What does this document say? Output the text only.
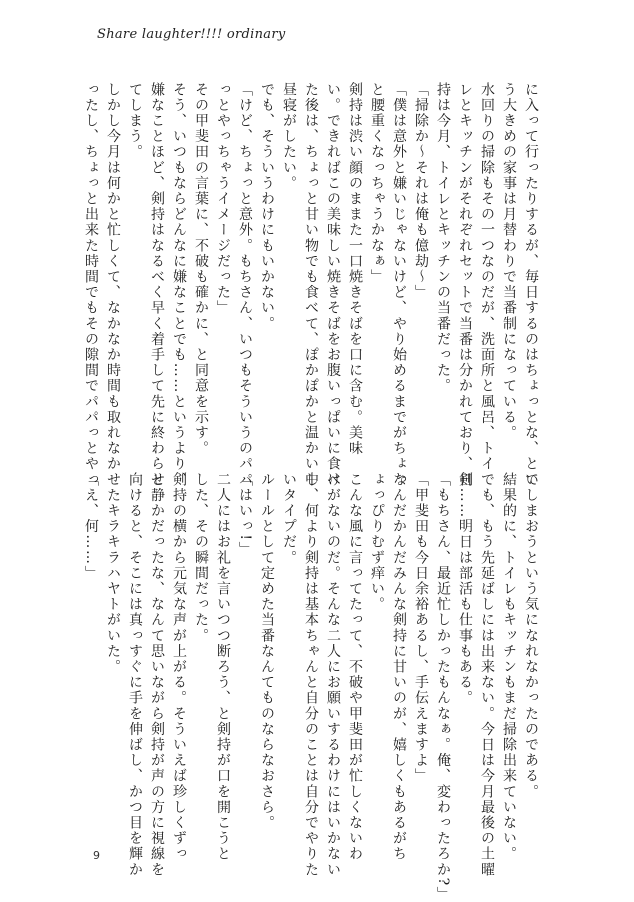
Share laughter!!!! ordinary
に入って行ったりするが、毎日するのはちょっとな、とい
う大きめの家事は月替わりで当番制になっている。
水回りの掃除もその一つなのだが、洗面所と風呂、トイ
レとキッチンがそれぞれセットで当番は分かれており、剣
持は今月、トイレとキッチンの当番だった。
「掃除か〜それは俺も億劫〜」
「僕は意外と嫌いじゃないけど、やり始めるまでがちょっ
と腰重くなっちゃうかなぁ」
剣持は渋い顔のままた一口焼きそばを口に含む。美味
い。できればこの美味しい焼きそばをお腹いっぱいに食べ
た後は、ちょっと甘い物でも食べて、ぽかぽかと温かい中
昼寝がしたい。
でも、そういうわけにもいかない。
「けど、ちょっと意外。もちさん、いつもそういうのパパ
っとやっちゃうイメージだった」
その甲斐田の言葉に、不破も確かに、と同意を示す。
そう、いつもならどんなに嫌なことでも……というより、
嫌なことほど、剣持はなるべく早く着手して先に終わらせ
てしまう。
しかし今月は何かと忙しくて、なかなか時間も取れなか
ったし、ちょっと出来た時間でもその隙間でパパっとやっ
てしまおうという気になれなかったのである。
結果的に、トイレもキッチンもまだ掃除出来ていない。
でも、もう先延ばしには出来ない。今日は今月最後の土曜
日……明日は部活も仕事もある。
「もちさん、最近忙しかったもんなぁ。俺、変わったろか?」
「甲斐田も今日余裕あるし、手伝えますよ」
なんだかんだみんな剣持に甘いのが、嬉しくもあるがち
ょっぴりむず痒い。
こんな風に言ってたって、不破や甲斐田が忙しくないわ
けがないのだ。そんな二人にお願いするわけにはいかない
し、何より剣持は基本ちゃんと自分のことは自分でやりた
いタイプだ。
ルールとして定めた当番なんてものならなおさら。
「はいっ!」
二人にはお礼を言いつつ断ろう、と剣持が口を開こうと
した、その瞬間だった。
剣持の横から元気な声が上がる。そういえば珍しくずっ
と静かだったな、なんて思いながら剣持が声の方に視線を
向けると、そこには真っすぐに手を伸ばし、かつ目を輝か
せたキラキラハヤトがいた。
「え、何……」
9
